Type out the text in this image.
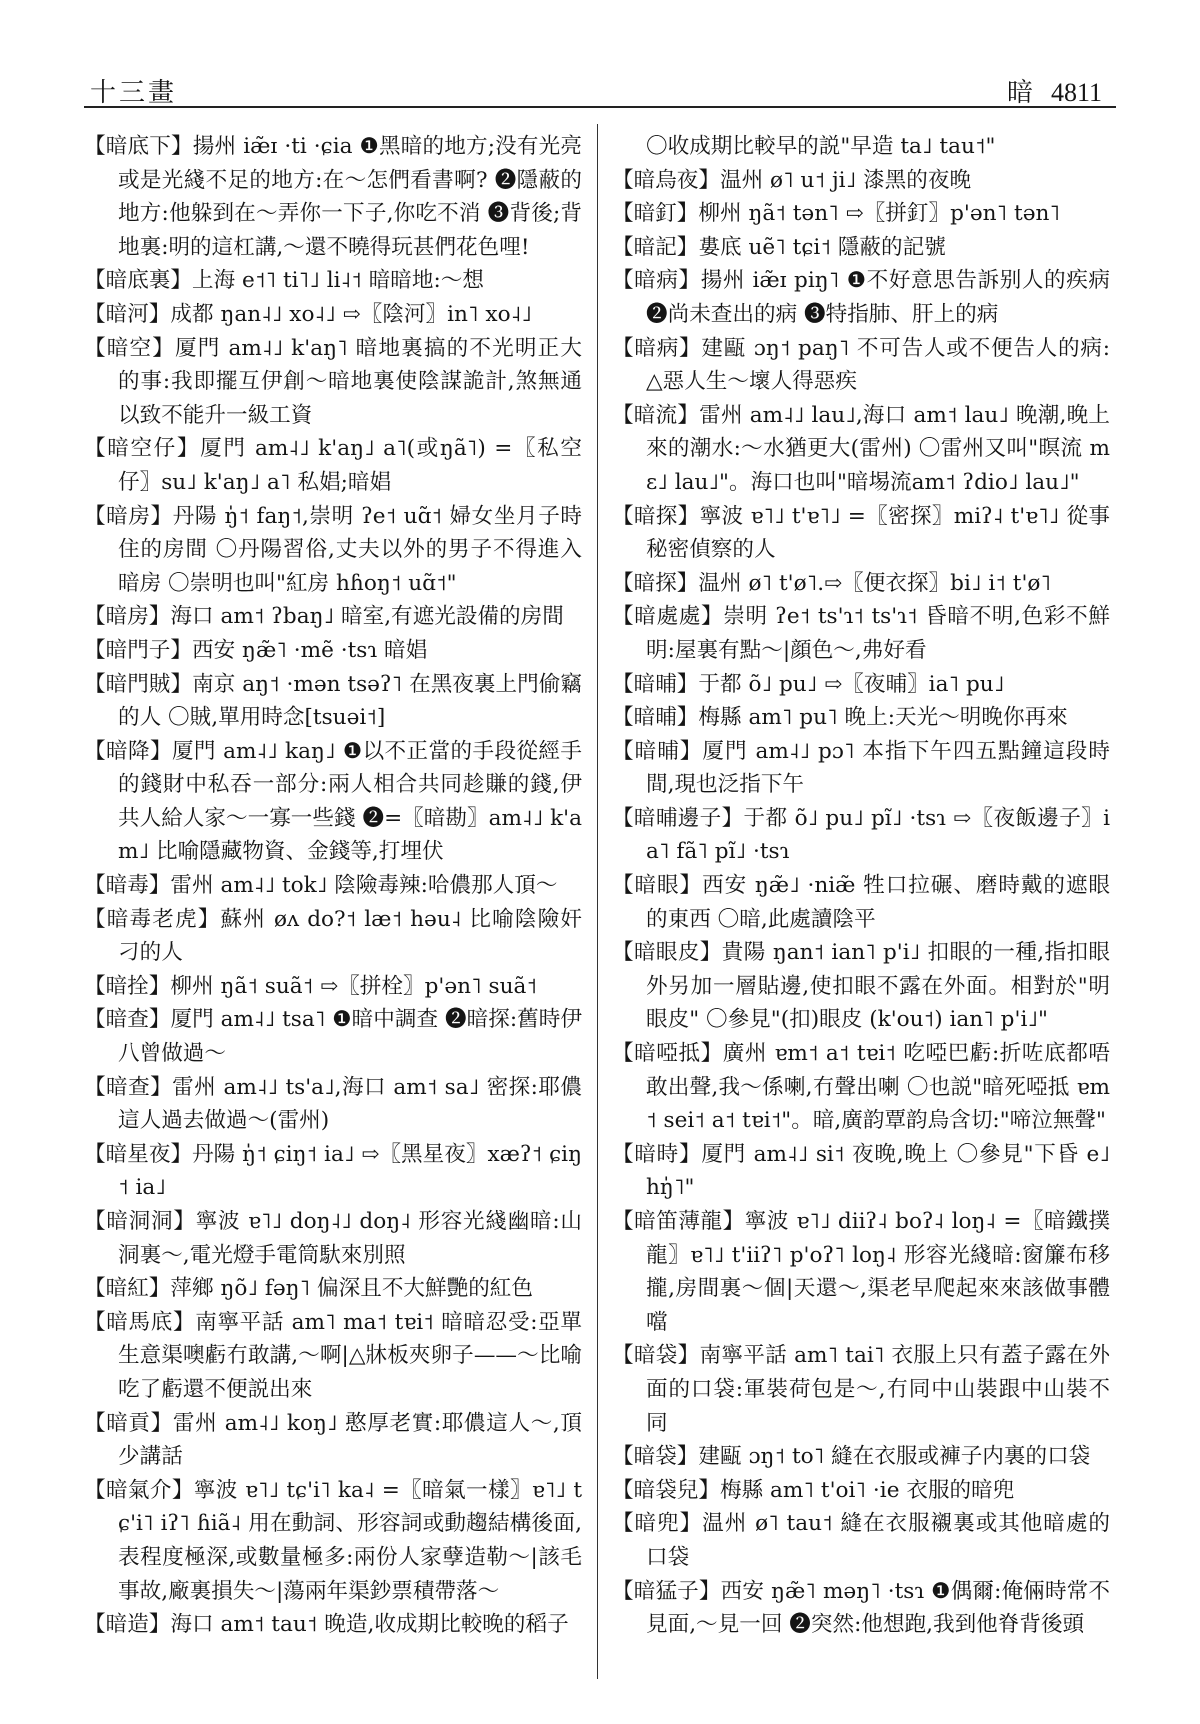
十三畫	暗 4811
【暗底下】揚州 iæ̃ɪ ·ti ·ɕia ❶黑暗的地方;没有光亮或是光綫不足的地方:在～怎們看書啊? ❷隱蔽的地方:他躲到在～弄你一下子,你吃不消 ❸背後;背地裏:明的這杠講,～還不曉得玩甚們花色哩!
【暗底裏】上海 e˦˥ ti˥˩ li˨˦ 暗暗地:～想
【暗河】成都 ŋan˨˩ xo˨˩ ⇨〖陰河〗in˥ xo˨˩
【暗空】厦門 am˨˩ k'aŋ˥ 暗地裏搞的不光明正大的事:我即擺互伊創～暗地裏使陰謀詭計,煞無通以致不能升一級工資
【暗空仔】厦門 am˨˩ k'aŋ˩ a˥(或ŋã˥) =〖私空仔〗su˩ k'aŋ˩ a˥ 私娼;暗娼
【暗房】丹陽 ŋ̍˦ faŋ˦,崇明 ʔe˦ uɑ̃˦ 婦女坐月子時住的房間 〇丹陽習俗,丈夫以外的男子不得進入暗房 〇崇明也叫"紅房 hɦoŋ˦ uɑ̃˦"
【暗房】海口 am˦ ʔbaŋ˩ 暗室,有遮光設備的房間
【暗門子】西安 ŋæ̃˥ ·mẽ ·tsɿ 暗娼
【暗門賊】南京 aŋ˦ ·mən tsəʔ˥ 在黑夜裏上門偷竊的人 〇賊,單用時念[tsuəi˦]
【暗降】厦門 am˨˩ kaŋ˩ ❶以不正當的手段從經手的錢財中私吞一部分:兩人相合共同趁賺的錢,伊共人給人家～一寡一些錢 ❷=〖暗勘〗am˨˩ k'am˩ 比喻隱藏物資、金錢等,打埋伏
【暗毒】雷州 am˨˩ tok˩ 陰險毒辣:哈儂那人頂～
【暗毒老虎】蘇州 øʌ do?˦ læ˦ həu˨ 比喻陰險奸刁的人
【暗拴】柳州 ŋã˦ suã˦ ⇨〖拼栓〗p'ən˥ suã˦
【暗查】厦門 am˨˩ tsa˥ ❶暗中調查 ❷暗探:舊時伊八曾做過～
【暗查】雷州 am˨˩ ts'a˩,海口 am˦ sa˩ 密探:耶儂這人過去做過～(雷州)
【暗星夜】丹陽 ŋ̍˦ ɕiŋ˦ ia˩ ⇨〖黑星夜〗xæʔ˦ ɕiŋ˦ ia˩
【暗洞洞】寧波 ɐ˥˩ doŋ˨˩ doŋ˨ 形容光綫幽暗:山洞裏～,電光燈手電筒馱來別照
【暗紅】萍鄉 ŋõ˩ fəŋ˥ 偏深且不大鮮艷的紅色
【暗馬底】南寧平話 am˥ ma˦ tɐi˦ 暗暗忍受:亞單生意渠噢虧冇敢講,～啊|△牀板夾卵子——～比喻吃了虧還不便説出來
【暗貢】雷州 am˨˩ koŋ˩ 憨厚老實:耶儂這人～,頂少講話
【暗氣介】寧波 ɐ˥˩ tɕ'i˥ ka˨ =〖暗氣一樣〗ɐ˥˩ tɕ'i˥ iʔ˥ ɦiã˨ 用在動詞、形容詞或動趨結構後面,表程度極深,或數量極多:兩份人家孽造勒～|該毛事故,廠裏損失～|蕩兩年渠鈔票積帶落～
【暗造】海口 am˦ tau˦ 晚造,收成期比較晚的稻子
〇收成期比較早的説"早造 ta˩ tau˦"
【暗烏夜】温州 ø˥ u˦ ji˩ 漆黑的夜晚
【暗釘】柳州 ŋã˦ tən˥ ⇨〖拼釘〗p'ən˥ tən˥
【暗記】婁底 uẽ˥ tɕi˦ 隱蔽的記號
【暗病】揚州 iæ̃ɪ piŋ˥ ❶不好意思告訴别人的疾病 ❷尚未查出的病 ❸特指肺、肝上的病
【暗病】建甌 ɔŋ˦ paŋ˥ 不可告人或不便告人的病:△惡人生～壞人得惡疾
【暗流】雷州 am˨˩ lau˩,海口 am˦ lau˩ 晚潮,晚上來的潮水:～水猶更大(雷州) 〇雷州又叫"暝流 mɛ˩ lau˩"。海口也叫"暗埸流am˦ ʔdio˩ lau˩"
【暗探】寧波 ɐ˥˩ t'ɐ˥˩ =〖密探〗miʔ˨ t'ɐ˥˩ 從事秘密偵察的人
【暗探】温州 ø˥ t'ø˥.⇨〖便衣探〗bi˩ i˦ t'ø˥
【暗處處】崇明 ʔe˦ ts'ɿ˦ ts'ɿ˦ 昏暗不明,色彩不鮮明:屋裏有點～|顔色～,弗好看
【暗晡】于都 õ˩ pu˩ ⇨〖夜晡〗ia˥ pu˩
【暗晡】梅縣 am˥ pu˥ 晚上:天光～明晚你再來
【暗晡】厦門 am˨˩ pɔ˥ 本指下午四五點鐘這段時間,現也泛指下午
【暗晡邊子】于都 õ˩ pu˩ pĩ˩ ·tsɿ ⇨〖夜飯邊子〗ia˥ fã˥ pĩ˩ ·tsɿ
【暗眼】西安 ŋæ̃˩ ·niæ̃ 牲口拉碾、磨時戴的遮眼的東西 〇暗,此處讀陰平
【暗眼皮】貴陽 ŋan˦ ian˥ p'i˩ 扣眼的一種,指扣眼外另加一層貼邊,使扣眼不露在外面。相對於"明眼皮" 〇參見"(扣)眼皮 (k'ou˦) ian˥ p'i˩"
【暗啞抵】廣州 ɐm˦ a˦ tɐi˦ 吃啞巴虧:折咗底都唔敢出聲,我～係喇,冇聲出喇 〇也説"暗死啞抵 ɐm˦ sei˦ a˦ tɐi˦"。暗,廣韵覃韵烏含切:"啼泣無聲"
【暗時】厦門 am˨˩ si˦ 夜晚,晚上 〇參見"下昏 e˩ hŋ̍˥"
【暗笛薄龍】寧波 ɐ˥˩ diiʔ˨ boʔ˨ loŋ˨ =〖暗鐵撲龍〗ɐ˥˩ t'iiʔ˥ p'oʔ˥ loŋ˨ 形容光綫暗:窗簾布移攏,房間裏～個|天還～,渠老早爬起來來該做事體噹
【暗袋】南寧平話 am˥ tai˥ 衣服上只有蓋子露在外面的口袋:軍裝荷包是～,冇同中山裝跟中山裝不同
【暗袋】建甌 ɔŋ˦ to˥ 縫在衣服或褲子内裏的口袋
【暗袋兒】梅縣 am˥ t'oi˥ ·ie 衣服的暗兜
【暗兜】温州 ø˥ tau˦ 縫在衣服襯裏或其他暗處的口袋
【暗猛子】西安 ŋæ̃˥ məŋ˥ ·tsɿ ❶偶爾:俺倆時常不見面,～見一回 ❷突然:他想跑,我到他脊背後頭
